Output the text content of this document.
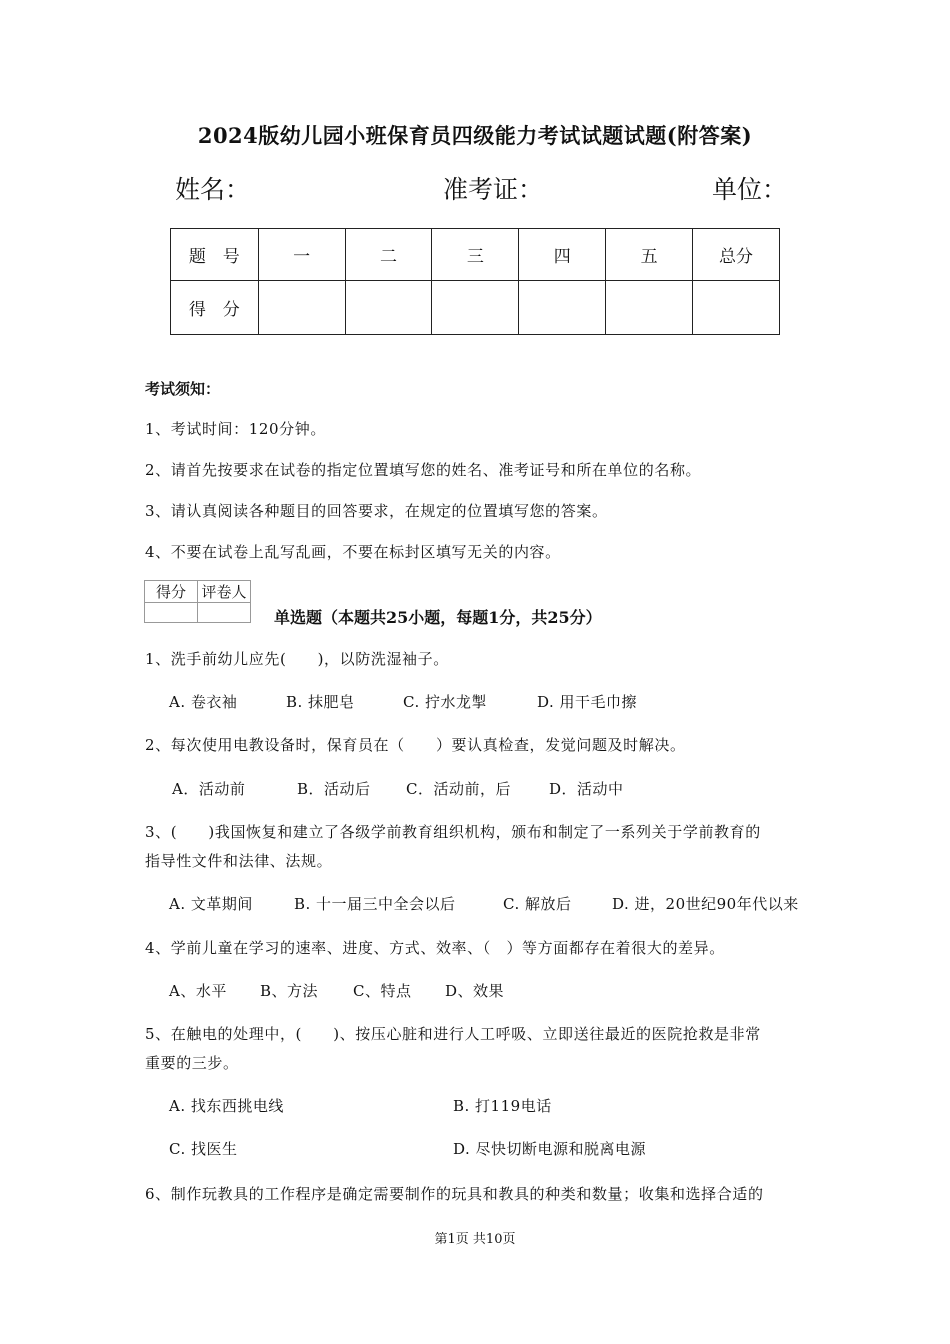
2024版幼儿园小班保育员四级能力考试试题试题(附答案)
姓名：	准考证：	单位：
题　号	一	二	三	四	五	总分
得　分						
考试须知：
1、考试时间：120分钟。
2、请首先按要求在试卷的指定位置填写您的姓名、准考证号和所在单位的名称。
3、请认真阅读各种题目的回答要求，在规定的位置填写您的答案。
4、不要在试卷上乱写乱画，不要在标封区填写无关的内容。
得分	评卷人

单选题（本题共25小题，每题1分，共25分）
1、洗手前幼儿应先(　　)，以防洗湿袖子。
A. 卷衣袖	B. 抹肥皂	C. 拧水龙掣	D. 用干毛巾擦
2、每次使用电教设备时，保育员在（　　）要认真检查，发觉问题及时解决。
A．活动前	B．活动后 C．活动前，后	D．活动中
3、(　　)我国恢复和建立了各级学前教育组织机构，颁布和制定了一系列关于学前教育的
指导性文件和法律、法规。
A. 文革期间	B. 十一届三中全会以后	C. 解放后	D. 进，20世纪90年代以来
4、学前儿童在学习的速率、进度、方式、效率、（　）等方面都存在着很大的差异。
A、水平 B、方法 C、特点 D、效果
5、在触电的处理中，(　　)、按压心脏和进行人工呼吸、立即送往最近的医院抢救是非常
重要的三步。
A. 找东西挑电线	B. 打119电话
C. 找医生	D. 尽快切断电源和脱离电源
6、制作玩教具的工作程序是确定需要制作的玩具和教具的种类和数量；收集和选择合适的
第1页 共10页
